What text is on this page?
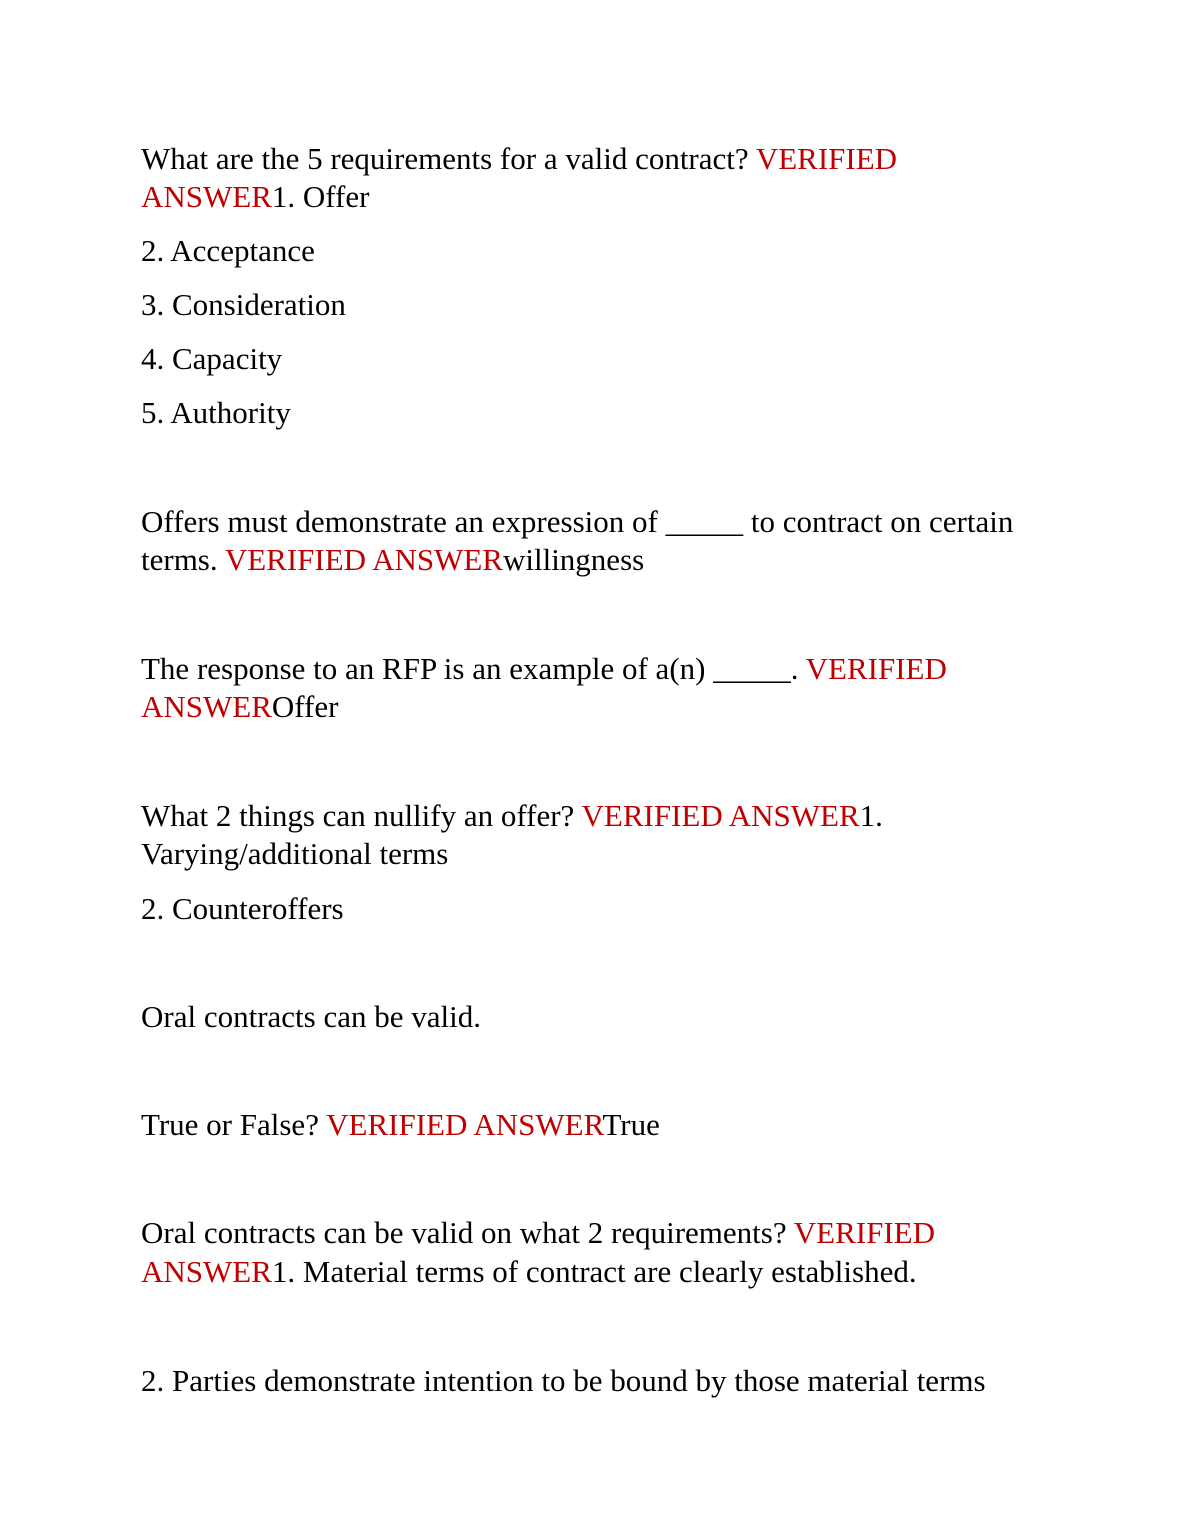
What are the 5 requirements for a valid contract? VERIFIED

ANSWER1. Offer

2. Acceptance

3. Consideration

4. Capacity

5. Authority

Offers must demonstrate an expression of _____ to contract on certain

terms. VERIFIED ANSWERwillingness

The response to an RFP is an example of a(n) _____. VERIFIED

ANSWEROffer

What 2 things can nullify an offer? VERIFIED ANSWER1.

Varying/additional terms

2. Counteroffers

Oral contracts can be valid.

True or False? VERIFIED ANSWERTrue

Oral contracts can be valid on what 2 requirements? VERIFIED

ANSWER1. Material terms of contract are clearly established.

2. Parties demonstrate intention to be bound by those material terms
